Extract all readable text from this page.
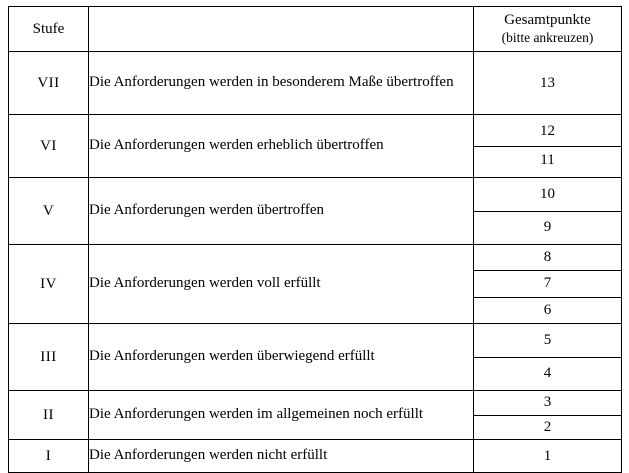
Stufe		Gesamtpunkte
(bitte ankreuzen)

VII	Die Anforderungen werden in besonderem Maße übertroffen	13

VI	Die Anforderungen werden erheblich übertroffen	12
11

V	Die Anforderungen werden übertroffen	10
9

IV	Die Anforderungen werden voll erfüllt	8
7
6

III	Die Anforderungen werden überwiegend erfüllt	5
4

II	Die Anforderungen werden im allgemeinen noch erfüllt	3
2

I	Die Anforderungen werden nicht erfüllt	1
